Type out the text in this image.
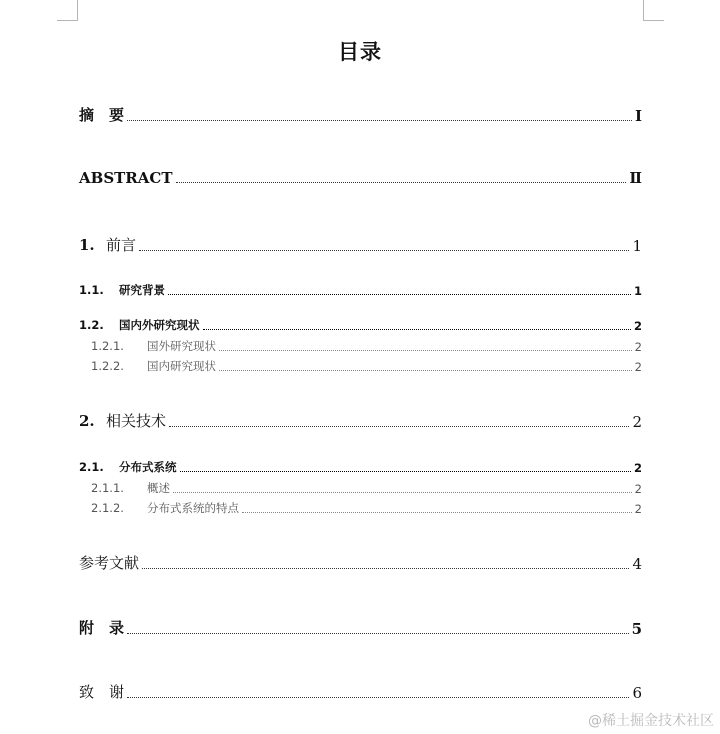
目录
摘　要	Ⅰ
ABSTRACT	Ⅱ
1. 前言	1
1.1. 研究背景	1
1.2. 国内外研究现状	2
1.2.1. 国外研究现状	2
1.2.2. 国内研究现状	2
2. 相关技术	2
2.1. 分布式系统	2
2.1.1. 概述	2
2.1.2. 分布式系统的特点	2
参考文献	4
附　录	5
致　谢	6
@稀土掘金技术社区
